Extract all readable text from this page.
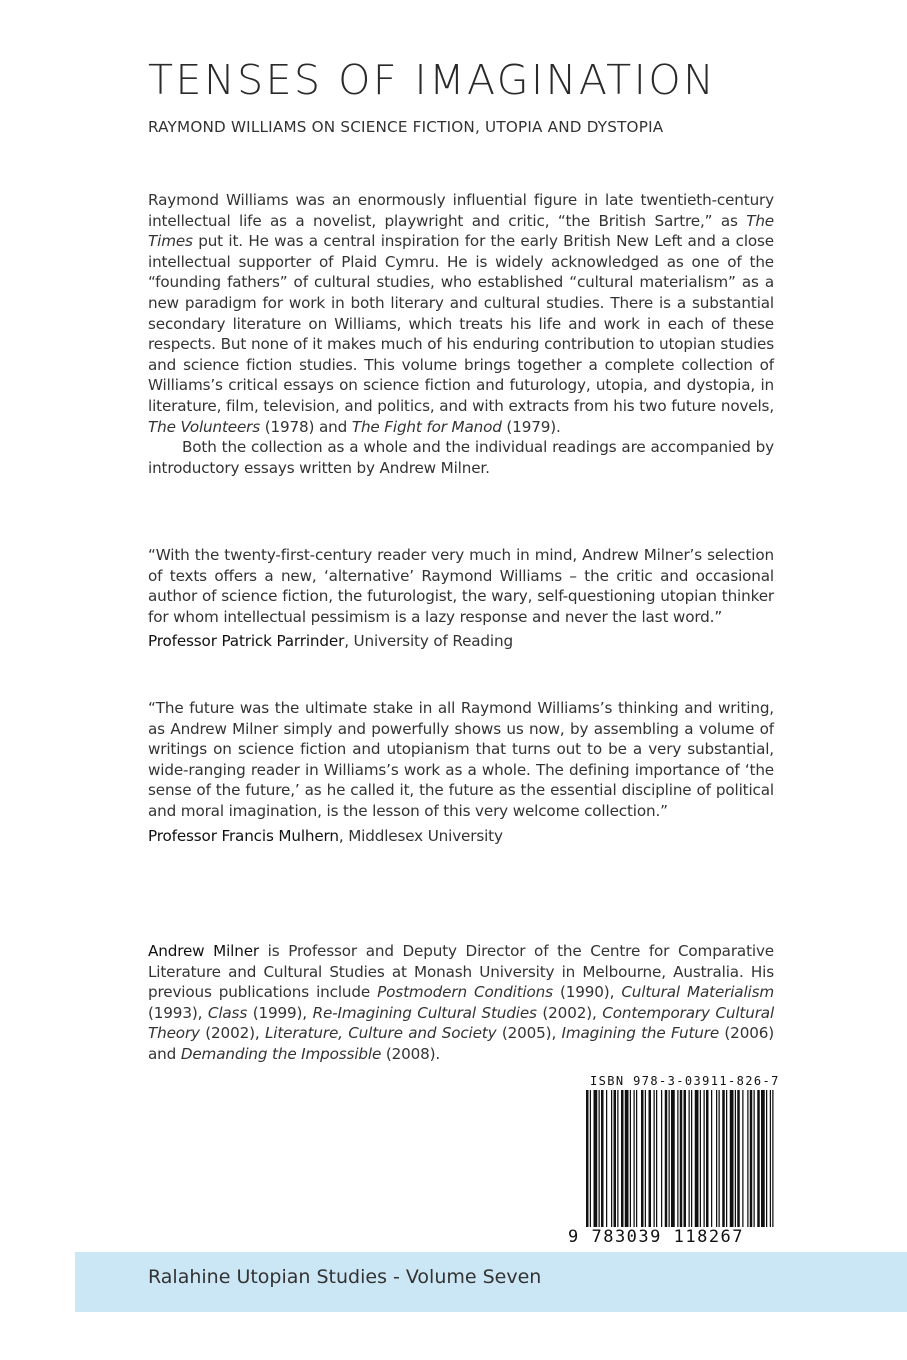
TENSES OF IMAGINATION
RAYMOND WILLIAMS ON SCIENCE FICTION, UTOPIA AND DYSTOPIA

Raymond Williams was an enormously influential figure in late twentieth-century intellectual life as a novelist, playwright and critic, “the British Sartre,” as The Times put it. He was a central inspiration for the early British New Left and a close intellectual supporter of Plaid Cymru. He is widely acknowledged as one of the “founding fathers” of cultural studies, who established “cultural materialism” as a new paradigm for work in both literary and cultural studies. There is a substantial secondary literature on Williams, which treats his life and work in each of these respects. But none of it makes much of his enduring contribution to utopian studies and science fiction studies. This volume brings together a complete collection of Williams’s critical essays on science fiction and futurology, utopia, and dystopia, in literature, film, television, and politics, and with extracts from his two future novels, The Volunteers (1978) and The Fight for Manod (1979).

Both the collection as a whole and the individual readings are accompanied by introductory essays written by Andrew Milner.

“With the twenty-first-century reader very much in mind, Andrew Milner’s selection of texts offers a new, ‘alternative’ Raymond Williams – the critic and occasional author of science fiction, the futurologist, the wary, self-questioning utopian thinker for whom intellectual pessimism is a lazy response and never the last word.”

Professor Patrick Parrinder, University of Reading

“The future was the ultimate stake in all Raymond Williams’s thinking and writing, as Andrew Milner simply and powerfully shows us now, by assembling a volume of writings on science fiction and utopianism that turns out to be a very substantial, wide-ranging reader in Williams’s work as a whole. The defining importance of ‘the sense of the future,’ as he called it, the future as the essential discipline of political and moral imagination, is the lesson of this very welcome collection.”

Professor Francis Mulhern, Middlesex University

Andrew Milner is Professor and Deputy Director of the Centre for Comparative Literature and Cultural Studies at Monash University in Melbourne, Australia. His previous publications include Postmodern Conditions (1990), Cultural Materialism (1993), Class (1999), Re-Imagining Cultural Studies (2002), Contemporary Cultural Theory (2002), Literature, Culture and Society (2005), Imagining the Future (2006) and Demanding the Impossible (2008).

ISBN 978-3-03911-826-7
9 783039 118267
Ralahine Utopian Studies - Volume Seven
